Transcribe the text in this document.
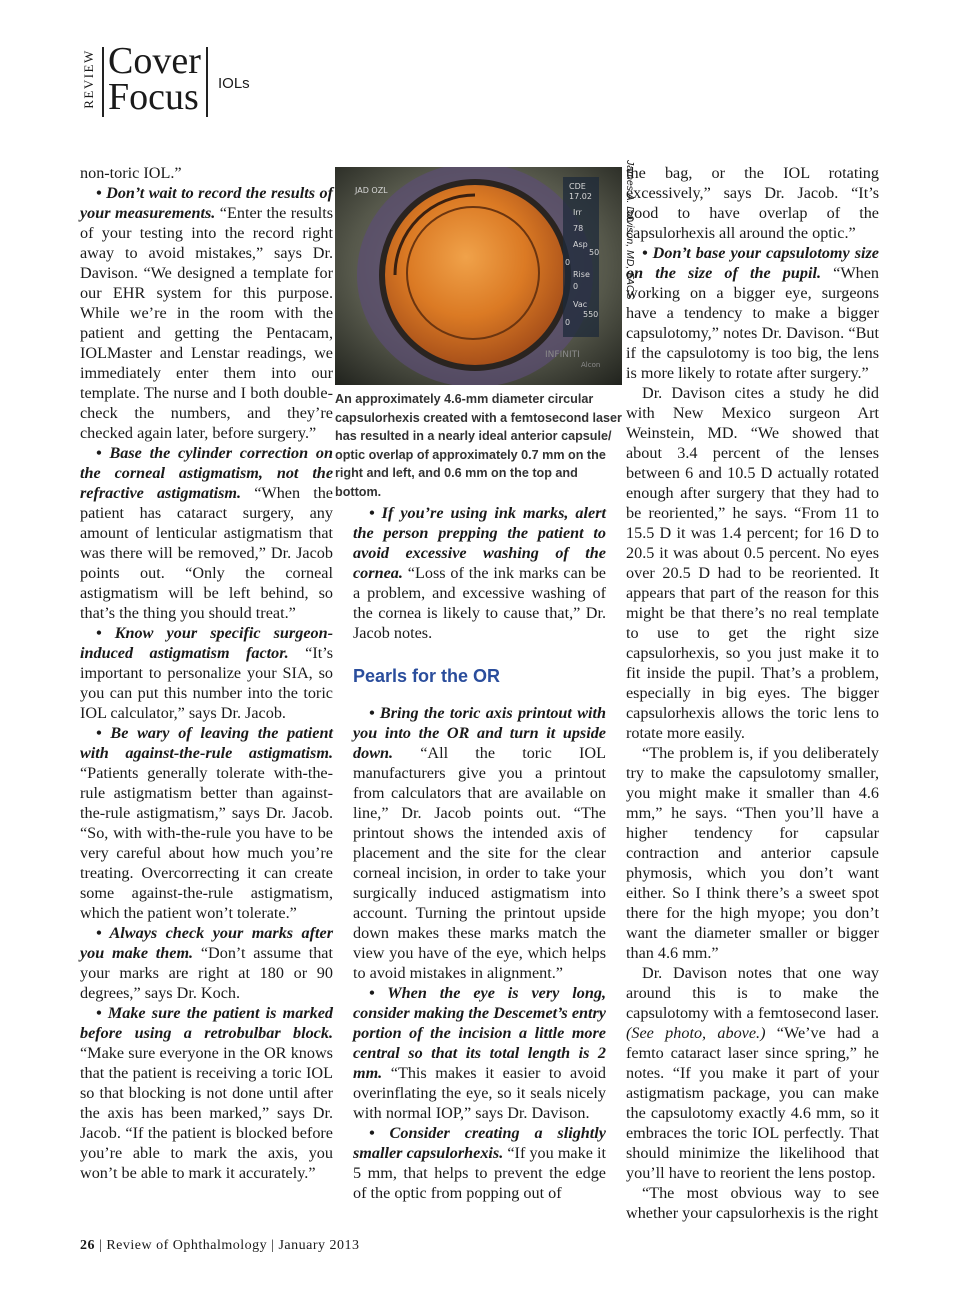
REVIEW Cover
Focus IOLs

non-toric IOL.”

• Don’t wait to record the results of your measurements. “Enter the results of your testing into the record right away to avoid mistakes,” says Dr. Davison. “We designed a template for our EHR system for this purpose. While we’re in the room with the patient and getting the Pentacam, IOLMaster and Lenstar readings, we immediately enter them into our template. The nurse and I both double-check the numbers, and they’re checked again later, before surgery.”

• Base the cylinder correction on the corneal astigmatism, not the refractive astigmatism. “When the patient has cataract surgery, any amount of lenticular astigmatism that was there will be removed,” Dr. Jacob points out. “Only the corneal astigmatism will be left behind, so that’s the thing you should treat.”

• Know your specific surgeon-induced astigmatism factor. “It’s important to personalize your SIA, so you can put this number into the toric IOL calculator,” says Dr. Jacob.

• Be wary of leaving the patient with against-the-rule astigmatism. “Patients generally tolerate with-the-rule astigmatism better than against-the-rule astigmatism,” says Dr. Jacob. “So, with with-the-rule you have to be very careful about how much you’re treating. Overcorrecting it can create some against-the-rule astigmatism, which the patient won’t tolerate.”

• Always check your marks after you make them. “Don’t assume that your marks are right at 180 or 90 degrees,” says Dr. Koch.

• Make sure the patient is marked before using a retrobulbar block. “Make sure everyone in the OR knows that the patient is receiving a toric IOL so that blocking is not done until after the axis has been marked,” says Dr. Jacob. “If the patient is blocked before you’re able to mark the axis, you won’t be able to mark it accurately.”

JAD OZL	CDE
17.02
Irr
78
Asp
50
0
Rise
0
Vac
550
0
INFINITI
Alcon
James A. Davison, MD, FACS
An approximately 4.6-mm diameter circular capsulorhexis created with a femtosecond laser has resulted in a nearly ideal anterior capsule/ optic overlap of approximately 0.7 mm on the right and left, and 0.6 mm on the top and bottom.

• If you’re using ink marks, alert the person prepping the patient to avoid excessive washing of the cornea. “Loss of the ink marks can be a problem, and excessive washing of the cornea is likely to cause that,” Dr. Jacob notes.

Pearls for the OR

• Bring the toric axis printout with you into the OR and turn it upside down. “All the toric IOL manufacturers give you a printout from calculators that are available on line,” Dr. Jacob points out. “The printout shows the intended axis of placement and the site for the clear corneal incision, in order to take your surgically induced astigmatism into account. Turning the printout upside down makes these marks match the view you have of the eye, which helps to avoid mistakes in alignment.”

• When the eye is very long, consider making the Descemet’s entry portion of the incision a little more central so that its total length is 2 mm. “This makes it easier to avoid overinflating the eye, so it seals nicely with normal IOP,” says Dr. Davison.

• Consider creating a slightly smaller capsulorhexis. “If you make it 5 mm, that helps to prevent the edge of the optic from popping out of

the bag, or the IOL rotating excessively,” says Dr. Jacob. “It’s good to have overlap of the capsulorhexis all around the optic.”

• Don’t base your capsulotomy size on the size of the pupil. “When working on a bigger eye, surgeons have a tendency to make a bigger capsulotomy,” notes Dr. Davison. “But if the capsulotomy is too big, the lens is more likely to rotate after surgery.”

Dr. Davison cites a study he did with New Mexico surgeon Art Weinstein, MD. “We showed that about 3.4 percent of the lenses between 6 and 10.5 D actually rotated enough after surgery that they had to be reoriented,” he says. “From 11 to 15.5 D it was 1.4 percent; for 16 D to 20.5 it was about 0.5 percent. No eyes over 20.5 D had to be reoriented. It appears that part of the reason for this might be that there’s no real template to use to get the right size capsulorhexis, so you just make it to fit inside the pupil. That’s a problem, especially in big eyes. The bigger capsulorhexis allows the toric lens to rotate more easily.

“The problem is, if you deliberately try to make the capsulotomy smaller, you might make it smaller than 4.6 mm,” he says. “Then you’ll have a higher tendency for capsular contraction and anterior capsule phymosis, which you don’t want either. So I think there’s a sweet spot there for the high myope; you don’t want the diameter smaller or bigger than 4.6 mm.”

Dr. Davison notes that one way around this is to make the capsulotomy with a femtosecond laser. (See photo, above.) “We’ve had a femto cataract laser since spring,” he notes. “If you make it part of your astigmatism package, you can make the capsulotomy exactly 4.6 mm, so it embraces the toric IOL perfectly. That should minimize the likelihood that you’ll have to reorient the lens postop.

“The most obvious way to see whether your capsulorhexis is the right

26 | Review of Ophthalmology | January 2013
